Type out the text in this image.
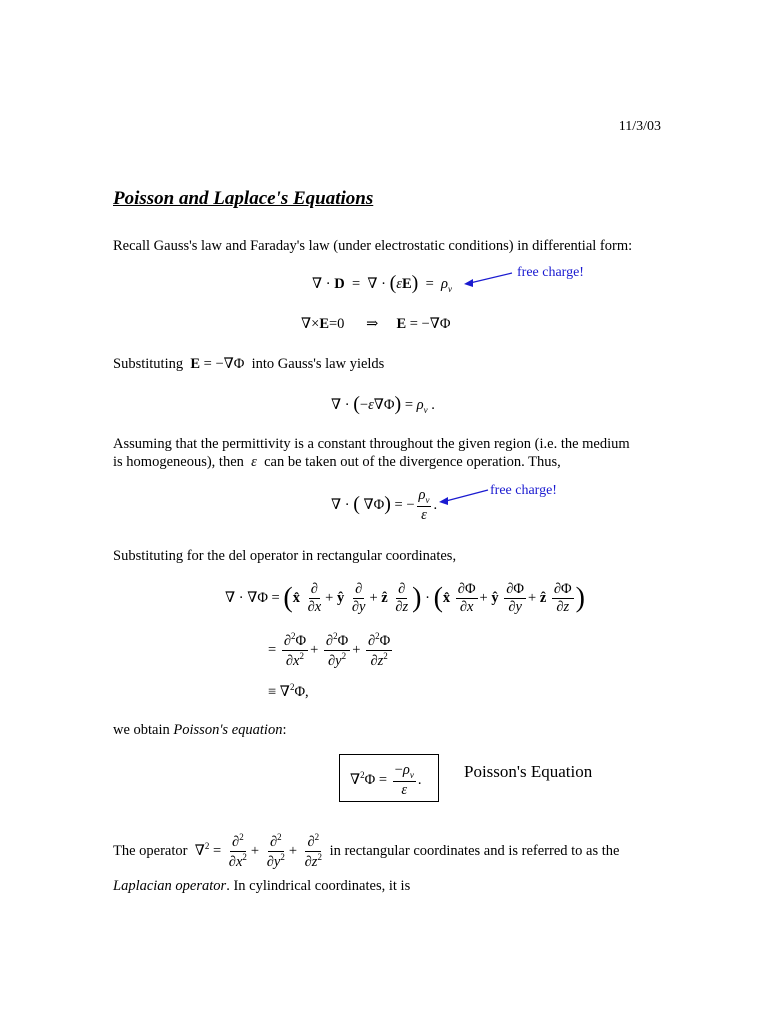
11/3/03
Poisson and Laplace's Equations
Recall Gauss's law and Faraday's law (under electrostatic conditions) in differential form:
∇ · D  =  ∇ · $(\varepsilon E) = \rho_v$
free charge!
∇×E=0      ⇒     E = −∇Φ
Substituting E = −∇Φ  into Gauss's law yields
∇ · $(-\varepsilon\nabla\Phi) = \rho_v$ .
Assuming that the permittivity is a constant throughout the given region (i.e. the medium
is homogeneous), then ε can be taken out of the divergence operation. Thus,
∇ · ( ∇Φ) = − $\frac{\rho_v}{\varepsilon}$ .
free charge!
Substituting for the del operator in rectangular coordinates,
∇ · ∇Φ = (x̂ $\frac{\partial}{\partial x}$ + ŷ $\frac{\partial}{\partial y}$ + ẑ $\frac{\partial}{\partial z}$ ) · (x̂ $\frac{\partial\Phi}{\partial x}$ + ŷ $\frac{\partial\Phi}{\partial y}$ + ẑ $\frac{\partial\Phi}{\partial z}$ )
= $\frac{\partial^2\Phi}{\partial x^2} + \frac{\partial^2\Phi}{\partial y^2} + \frac{\partial^2\Phi}{\partial z^2}$
≡ ∇$^2$Φ,
we obtain Poisson's equation:
$\nabla^2\Phi = \frac{-\rho_v}{\varepsilon}$ .	Poisson's Equation
The operator  $\nabla^2 = \frac{\partial^2}{\partial x^2} + \frac{\partial^2}{\partial y^2} + \frac{\partial^2}{\partial z^2}$ in rectangular coordinates and is referred to as the
Laplacian operator. In cylindrical coordinates, it is
